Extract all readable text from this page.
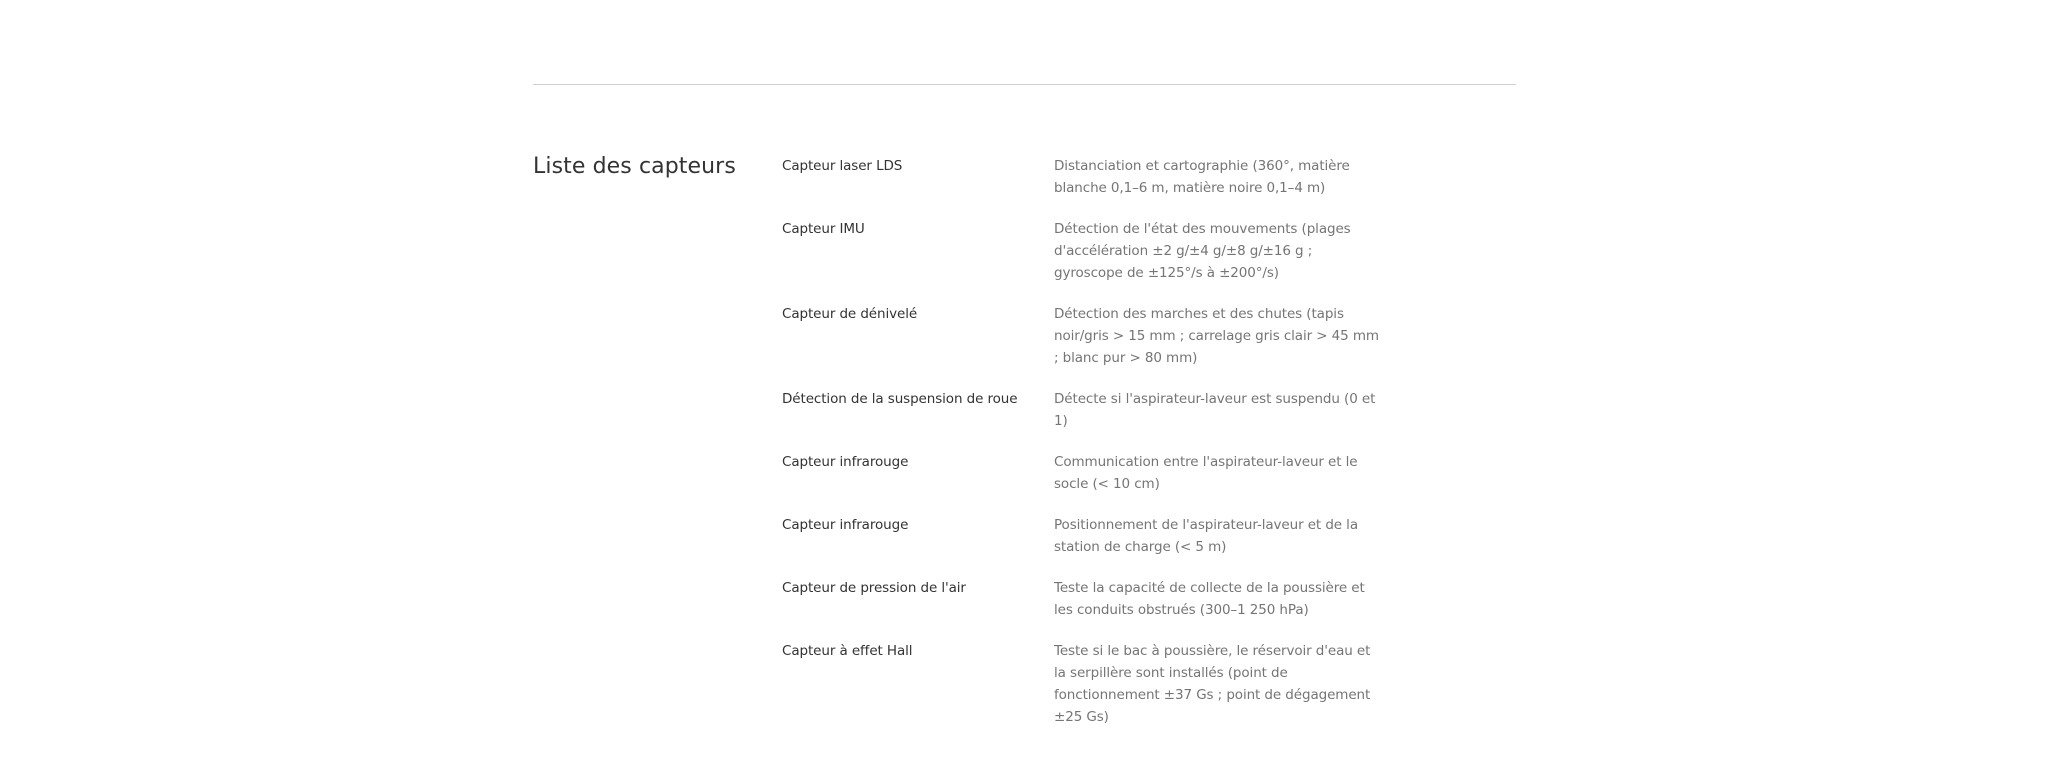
Liste des capteurs	Capteur laser LDS	Distanciation et cartographie (360°, matière blanche 0,1–6 m, matière noire 0,1–4 m)
Capteur IMU	Détection de l'état des mouvements (plages d'accélération ±2 g/±4 g/±8 g/±16 g ; gyroscope de ±125°/s à ±200°/s)
Capteur de dénivelé	Détection des marches et des chutes (tapis noir/gris > 15 mm ; carrelage gris clair > 45 mm ; blanc pur > 80 mm)
Détection de la suspension de roue	Détecte si l'aspirateur-laveur est suspendu (0 et 1)
Capteur infrarouge	Communication entre l'aspirateur-laveur et le socle (< 10 cm)
Capteur infrarouge	Positionnement de l'aspirateur-laveur et de la station de charge (< 5 m)
Capteur de pression de l'air	Teste la capacité de collecte de la poussière et les conduits obstrués (300–1 250 hPa)
Capteur à effet Hall	Teste si le bac à poussière, le réservoir d'eau et la serpillère sont installés (point de fonctionnement ±37 Gs ; point de dégagement ±25 Gs)
